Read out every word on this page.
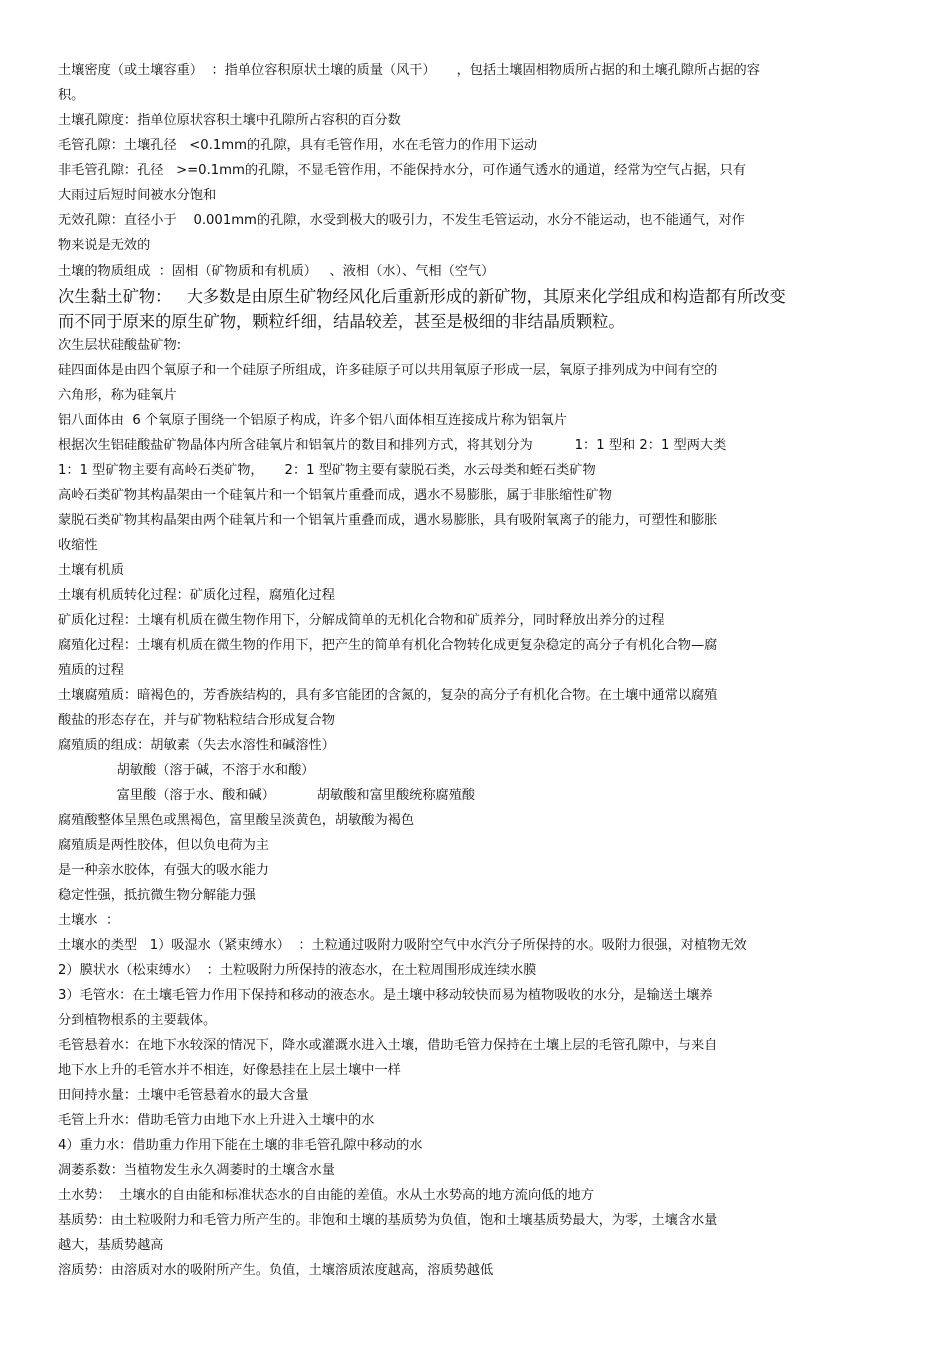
土壤密度（或土壤容重）  ：指单位容积原状土壤的质量（风干）     ，包括土壤固相物质所占据的和土壤孔隙所占据的容
积。
土壤孔隙度：指单位原状容积土壤中孔隙所占容积的百分数
毛管孔隙：土壤孔径   <0.1mm的孔隙，具有毛管作用，水在毛管力的作用下运动
非毛管孔隙：孔径   >=0.1mm的孔隙，不显毛管作用，不能保持水分，可作通气透水的通道，经常为空气占据，只有
大雨过后短时间被水分饱和
无效孔隙：直径小于    0.001mm的孔隙，水受到极大的吸引力，不发生毛管运动，水分不能运动，也不能通气，对作
物来说是无效的
土壤的物质组成  ：固相（矿物质和有机质）   、液相（水）、气相（空气）
次生黏土矿物：   大多数是由原生矿物经风化后重新形成的新矿物，其原来化学组成和构造都有所改变
而不同于原来的原生矿物，颗粒纤细，结晶较差，甚至是极细的非结晶质颗粒。
次生层状硅酸盐矿物:
硅四面体是由四个氧原子和一个硅原子所组成，许多硅原子可以共用氧原子形成一层，氧原子排列成为中间有空的
六角形，称为硅氧片
铝八面体由  6 个氧原子围绕一个铝原子构成，许多个铝八面体相互连接成片称为铝氧片
根据次生铝硅酸盐矿物晶体内所含硅氧片和铝氧片的数目和排列方式，将其划分为          1：1 型和 2：1 型两大类
1：1 型矿物主要有高岭石类矿物，     2：1 型矿物主要有蒙脱石类，水云母类和蛭石类矿物
高岭石类矿物其构晶架由一个硅氧片和一个铝氧片重叠而成，遇水不易膨胀，属于非胀缩性矿物
蒙脱石类矿物其构晶架由两个硅氧片和一个铝氧片重叠而成，遇水易膨胀，具有吸附氧离子的能力，可塑性和膨胀
收缩性
土壤有机质
土壤有机质转化过程：矿质化过程，腐殖化过程
矿质化过程：土壤有机质在微生物作用下，分解成简单的无机化合物和矿质养分，同时释放出养分的过程
腐殖化过程：土壤有机质在微生物的作用下，把产生的简单有机化合物转化成更复杂稳定的高分子有机化合物—腐
殖质的过程
土壤腐殖质：暗褐色的，芳香族结构的，具有多官能团的含氮的，复杂的高分子有机化合物。在土壤中通常以腐殖
酸盐的形态存在，并与矿物粘粒结合形成复合物
腐殖质的组成：胡敏素（失去水溶性和碱溶性）
胡敏酸（溶于碱，不溶于水和酸）
富里酸（溶于水、酸和碱）          胡敏酸和富里酸统称腐殖酸
腐殖酸整体呈黑色或黑褐色，富里酸呈淡黄色，胡敏酸为褐色
腐殖质是两性胶体，但以负电荷为主
是一种亲水胶体，有强大的吸水能力
稳定性强，抵抗微生物分解能力强
土壤水  ：
土壤水的类型   1）吸湿水（紧束缚水）  ：土粒通过吸附力吸附空气中水汽分子所保持的水。吸附力很强，对植物无效
2）膜状水（松束缚水）  ：土粒吸附力所保持的液态水，在土粒周围形成连续水膜
3）毛管水：在土壤毛管力作用下保持和移动的液态水。是土壤中移动较快而易为植物吸收的水分，是输送土壤养
分到植物根系的主要载体。
毛管悬着水：在地下水较深的情况下，降水或灌溉水进入土壤，借助毛管力保持在土壤上层的毛管孔隙中，与来自
地下水上升的毛管水并不相连，好像悬挂在上层土壤中一样
田间持水量：土壤中毛管悬着水的最大含量
毛管上升水：借助毛管力由地下水上升进入土壤中的水
4）重力水：借助重力作用下能在土壤的非毛管孔隙中移动的水
凋萎系数：当植物发生永久凋萎时的土壤含水量
土水势：  土壤水的自由能和标准状态水的自由能的差值。水从土水势高的地方流向低的地方
基质势：由土粒吸附力和毛管力所产生的。非饱和土壤的基质势为负值，饱和土壤基质势最大，为零，土壤含水量
越大，基质势越高
溶质势：由溶质对水的吸附所产生。负值，土壤溶质浓度越高，溶质势越低
